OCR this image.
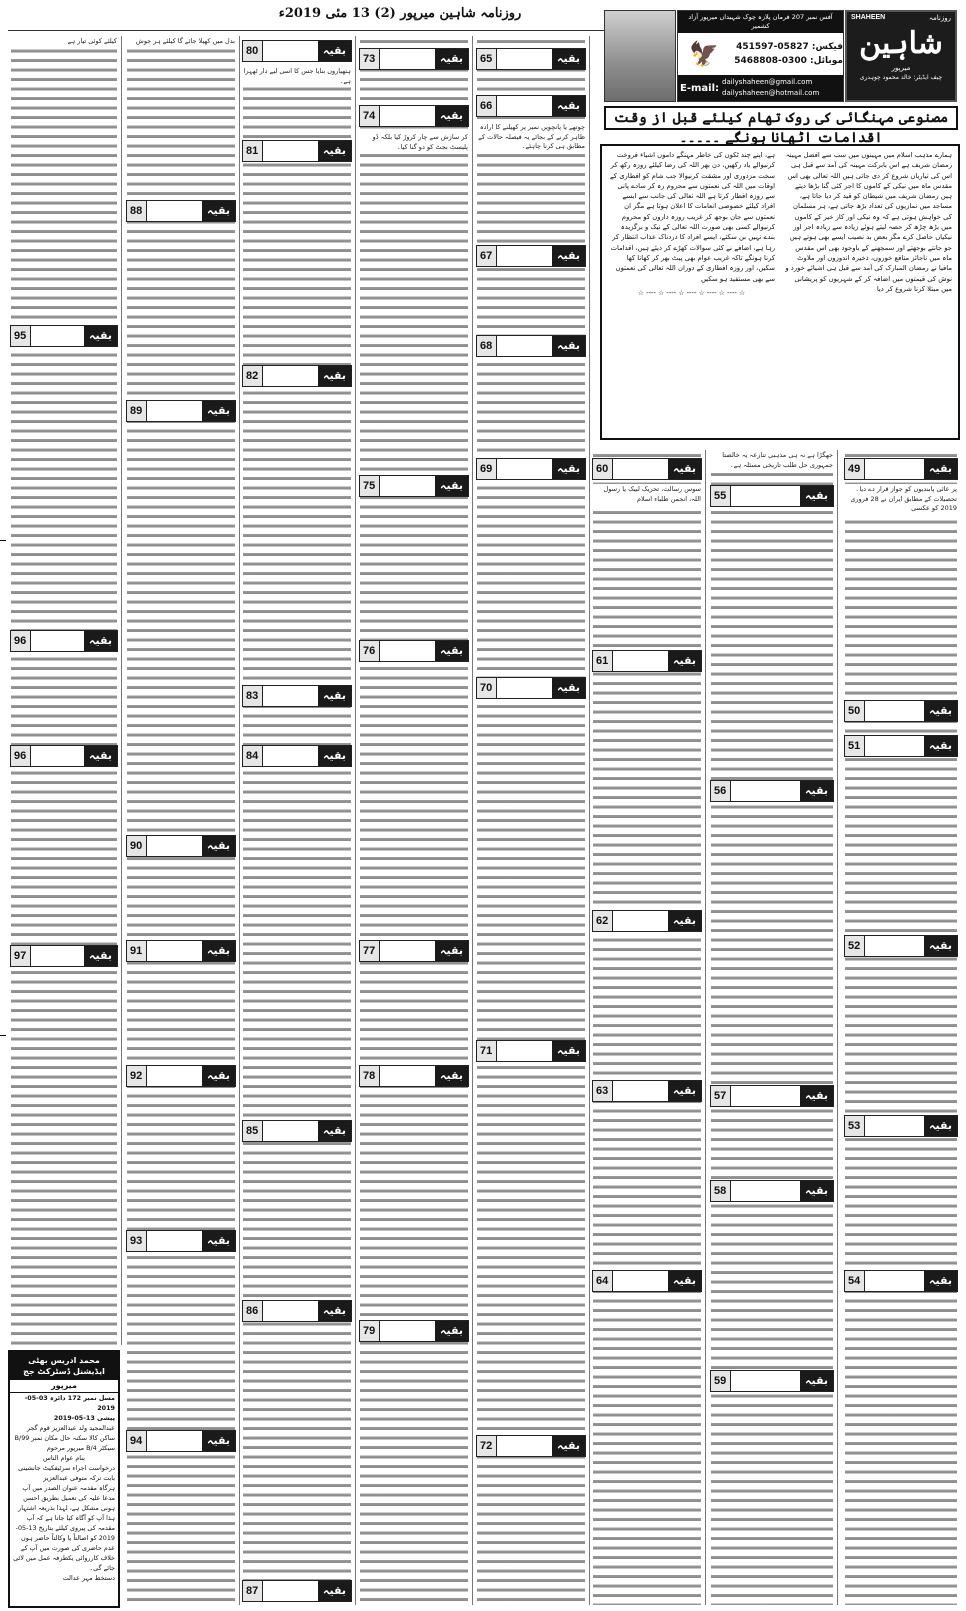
روزنامہ شاہین میرپور (2) 13 مئی 2019ء	آفس نمبر 207 فرمان پلازہ چوک شہیداں میرپور آزاد کشمیر
🦅	فیکس: 05827-451597
موبائل: 0300-5468808
E-mail:
dailyshaheen@gmail.com
dailyshaheen@hotmail.com
SHAHEEN	روزنامہ
شاہین
میرپور
چیف ایڈیٹر: خالد محمود چوہدری
مصنوعی مہنگائی کی روک تھام کیلئے قبل از وقت اقدامات اٹھانا ہونگے ۔۔۔۔۔
ہمارے مذہب اسلام میں مہینوں میں سب سے افضل مہینہ رمضان شریف ہے اس بابرکت مہینہ کی آمد سے قبل ہی اس کی تیاریاں شروع کر دی جاتی ہیں اللہ تعالی بھی اس مقدس ماہ میں نیکی کے کاموں کا اجر کئی گنا بڑھا دیتے ہیں رمضان شریف میں شیطان کو قید کر دیا جاتا ہے، مساجد میں نمازیوں کی تعداد بڑھ جاتی ہے، ہر مسلمان کی خواہش ہوتی ہے کہ وہ نیکی اور کار خیر کے کاموں میں بڑھ چڑھ کر حصہ لیتے ہوئے زیادہ سے زیادہ اجر اور نیکیاں حاصل کرے مگر بعض بد نصیب ایسے بھی ہوتے ہیں جو جانتے بوجھتے اور سمجھنے کے باوجود بھی اس مقدس ماہ میں ناجائز منافع خوروں، ذخیرہ اندوزوں اور ملاوٹ مافیا نے رمضان المبارک کی آمد سے قبل ہی اشیائے خورد و نوش کی قیمتوں میں اضافہ کر کے شہریوں کو پریشانی میں مبتلا کرنا شروع کر دیا
ہے، اپنے چند ٹکوں کی خاطر مہنگے داموں اشیاء فروخت کرنیوالے یاد رکھیں، دن بھر اللہ کی رضا کیلئے روزہ رکھ کر سخت مزدوری اور مشقت کرنیوالا جب شام کو افطاری کے اوقات میں اللہ کی نعمتوں سے محروم رہ کر سادے پانی سے روزہ افطار کرتا ہے اللہ تعالی کی جانب سے ایسے افراد کیلئے خصوصی انعامات کا اعلان ہوتا ہے مگر ان نعمتوں سے جان بوجھ کر غریب روزہ داروں کو محروم کرنیوالے کسی بھی صورت اللہ تعالی کے نیک و برگزیدہ بندے نہیں بن سکتے، ایسے افراد کا دردناک عذاب انتظار کر رہا ہے، اضافے نے کئی سوالات کھڑے کر دیئے ہیں، اقدامات کرنا ہونگے تاکہ غریب عوام بھی پیٹ بھر کر کھانا کھا سکیں، اور روزہ افطاری کے دوران اللہ تعالی کی نعمتوں سے بھی مستفید ہو سکیں

☆ ---- ☆ ---- ☆ ---- ☆ ---- ☆ ---- ☆

پر عائی پابندیوں کو جواز قرار دے دیا۔ تحصیلات کے مطابق ایران نے 28 فروری 2019 کو عکسی
جھگڑا ہے نہ ہی مذہبی تنازعہ یہ خالصتا جمہوری حل طلب تاریخی مسئلہ ہے۔
سوس رسالت، تحریک لبیک یا رسول اللہ، انجمن طلباء اسلام
چوتھے یا پانچویں نمبر پر کھیلنے کا ارادہ ظاہر کرنے کے بجائے یہ فیصلہ حالات کے مطابق ہی کرنا چاہئے۔
کر سازش سے چار کروڑ کیا بلکہ ڈو پلیسٹ بجٹ کو دو گنا کیا۔
ہتھیاروں بنایا جس کا اسی لیے دار ٹھہرا ہے۔
بدل میں کھیلا جائے گا کیلئے ہر جوش
کیلئے کوئی تیار ہے
49	بقیہ
50	بقیہ
51	بقیہ
52	بقیہ
53	بقیہ
54	بقیہ
55	بقیہ
56	بقیہ
57	بقیہ
58	بقیہ
59	بقیہ
60	بقیہ
61	بقیہ
62	بقیہ
63	بقیہ
64	بقیہ
65	بقیہ
66	بقیہ
67	بقیہ
68	بقیہ
69	بقیہ
70	بقیہ
71	بقیہ
72	بقیہ
73	بقیہ
74	بقیہ
75	بقیہ
76	بقیہ
77	بقیہ
78	بقیہ
79	بقیہ
80	بقیہ
81	بقیہ
82	بقیہ
83	بقیہ
84	بقیہ
85	بقیہ
86	بقیہ
87	بقیہ
88	بقیہ
89	بقیہ
90	بقیہ
91	بقیہ
92	بقیہ
93	بقیہ
94	بقیہ
95	بقیہ
96	بقیہ
96	بقیہ
97	بقیہ
محمد ادریس بھٹی ایڈیشنل ڈسٹرکٹ جج
میرپور

مسل نمبر 172 دائرہ 03-05-2019

پیشی 13-05-2019

عبدالمجید ولد عبدالعزیز قوم گجر ساکن کالا سکنہ حال مکان نمبر 99/B سیکٹر B/4 میرپور مرحوم

بنام عوام الناس

درخواست اجراء سرٹیفکیٹ جانشینی بابت ترکہ متوفی عبدالعزیز

ہرگاہ مقدمہ عنوان الصدر میں آپ مدعا علیہ کی تعمیل بطریق احسن ہونی مشکل ہے، لہذا بذریعہ اشتہار ہذا آپ کو آگاہ کیا جاتا ہے کہ آپ مقدمہ کی پیروی کیلئے بتاریخ 13-05-2019 کو اصالتاً یا وکالتاً حاضر ہوں عدم حاضری کی صورت میں آپ کے خلاف کارروائی یکطرفہ عمل میں لائی جائے گی۔

دستخط مہر عدالت
